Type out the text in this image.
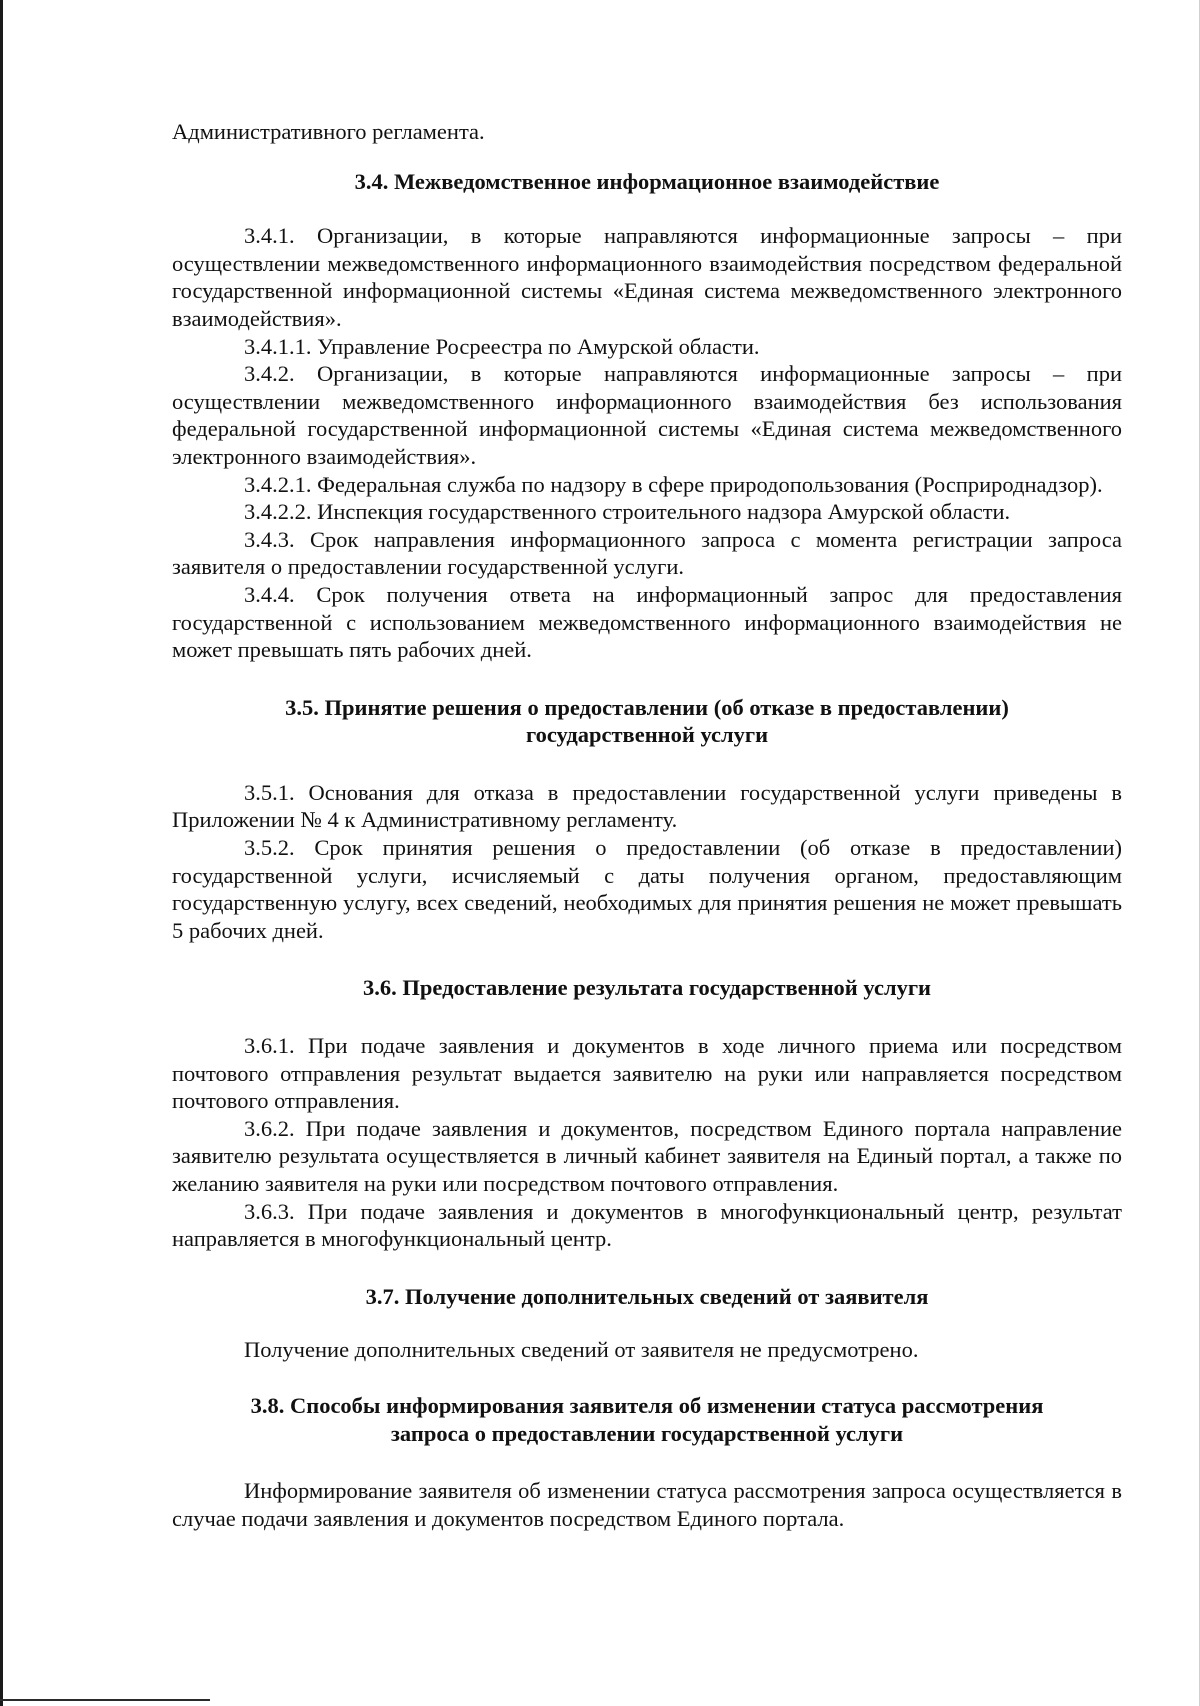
Административного регламента.

3.4. Межведомственное информационное взаимодействие

3.4.1. Организации, в которые направляются информационные запросы – при осуществлении межведомственного информационного взаимодействия посредством федеральной государственной информационной системы «Единая система межведомственного электронного взаимодействия».

3.4.1.1. Управление Росреестра по Амурской области.

3.4.2. Организации, в которые направляются информационные запросы – при осуществлении межведомственного информационного взаимодействия без использования федеральной государственной информационной системы «Единая система межведомственного электронного взаимодействия».

3.4.2.1. Федеральная служба по надзору в сфере природопользования (Росприроднадзор).

3.4.2.2. Инспекция государственного строительного надзора Амурской области.

3.4.3. Срок направления информационного запроса с момента регистрации запроса заявителя о предоставлении государственной услуги.

3.4.4. Срок получения ответа на информационный запрос для предоставления государственной с использованием межведомственного информационного взаимодействия не может превышать пять рабочих дней.

3.5. Принятие решения о предоставлении (об отказе в предоставлении)
государственной услуги

3.5.1. Основания для отказа в предоставлении государственной услуги приведены в Приложении № 4 к Административному регламенту.

3.5.2. Срок принятия решения о предоставлении (об отказе в предоставлении) государственной услуги, исчисляемый с даты получения органом, предоставляющим государственную услугу, всех сведений, необходимых для принятия решения не может превышать 5 рабочих дней.

3.6. Предоставление результата государственной услуги

3.6.1. При подаче заявления и документов в ходе личного приема или посредством почтового отправления результат выдается заявителю на руки или направляется посредством почтового отправления.

3.6.2. При подаче заявления и документов, посредством Единого портала направление заявителю результата осуществляется в личный кабинет заявителя на Единый портал, а также по желанию заявителя на руки или посредством почтового отправления.

3.6.3. При подаче заявления и документов в многофункциональный центр, результат направляется в многофункциональный центр.

3.7. Получение дополнительных сведений от заявителя

Получение дополнительных сведений от заявителя не предусмотрено.

3.8. Способы информирования заявителя об изменении статуса рассмотрения
запроса о предоставлении государственной услуги

Информирование заявителя об изменении статуса рассмотрения запроса осуществляется в случае подачи заявления и документов посредством Единого портала.
